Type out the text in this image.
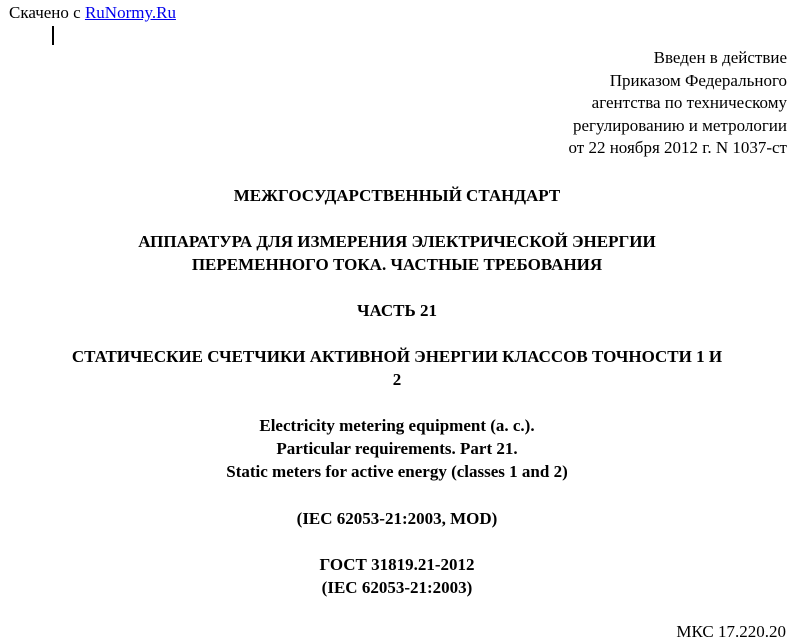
Скачено с RuNormy.Ru
Введен в действие
Приказом Федерального
агентства по техническому
регулированию и метрологии
от 22 ноября 2012 г. N 1037-ст
МЕЖГОСУДАРСТВЕННЫЙ СТАНДАРТ
АППАРАТУРА ДЛЯ ИЗМЕРЕНИЯ ЭЛЕКТРИЧЕСКОЙ ЭНЕРГИИ
ПЕРЕМЕННОГО ТОКА. ЧАСТНЫЕ ТРЕБОВАНИЯ
ЧАСТЬ 21
СТАТИЧЕСКИЕ СЧЕТЧИКИ АКТИВНОЙ ЭНЕРГИИ КЛАССОВ ТОЧНОСТИ 1 И
2
Electricity metering equipment (a. c.).
Particular requirements. Part 21.
Static meters for active energy (classes 1 and 2)
(IEC 62053-21:2003, MOD)
ГОСТ 31819.21-2012
(IEC 62053-21:2003)
МКС 17.220.20
